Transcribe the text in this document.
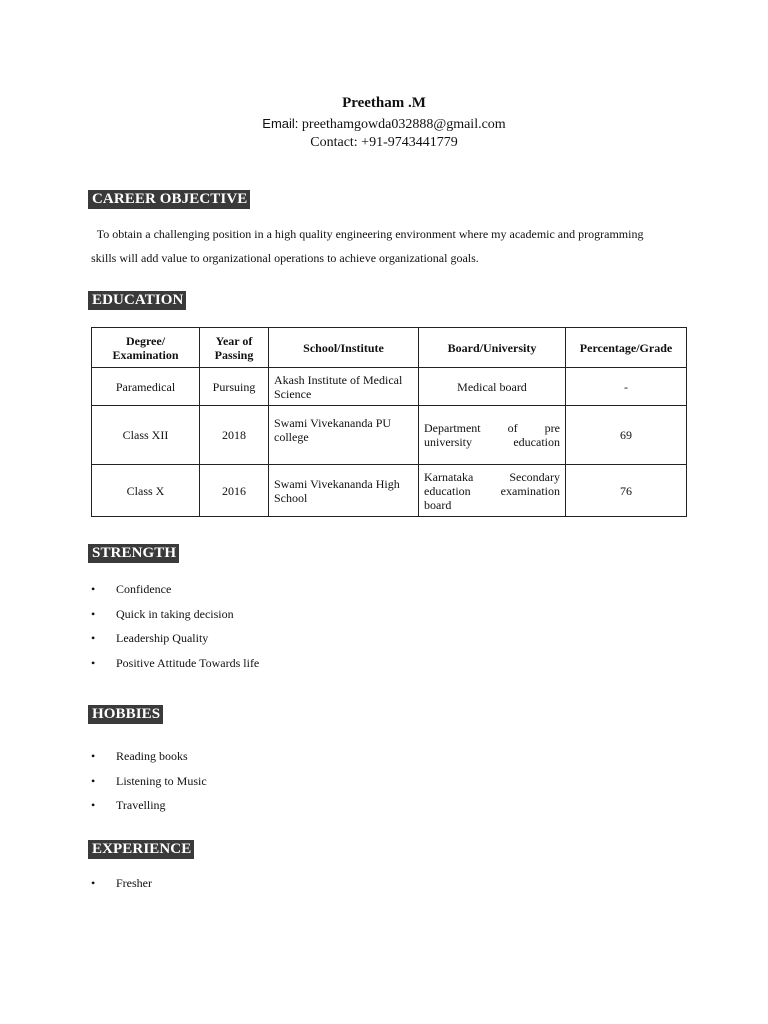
Preetham .M
Email: preethamgowda032888@gmail.com
Contact: +91-9743441779
CAREER OBJECTIVE
To obtain a challenging position in a high quality engineering environment where my academic and programming
skills will add value to organizational operations to achieve organizational goals.
EDUCATION
Degree/ Examination	Year of Passing	School/Institute	Board/University	Percentage/Grade
Paramedical	Pursuing	Akash Institute of Medical Science	Medical board	-
Class XII	2018	Swami Vivekananda PU college	Department of pre university education	69
Class X	2016	Swami Vivekananda High School	Karnataka Secondary education examination board	76
STRENGTH
• Confidence
• Quick in taking decision
• Leadership Quality
• Positive Attitude Towards life
HOBBIES
• Reading books
• Listening to Music
• Travelling
EXPERIENCE
• Fresher
